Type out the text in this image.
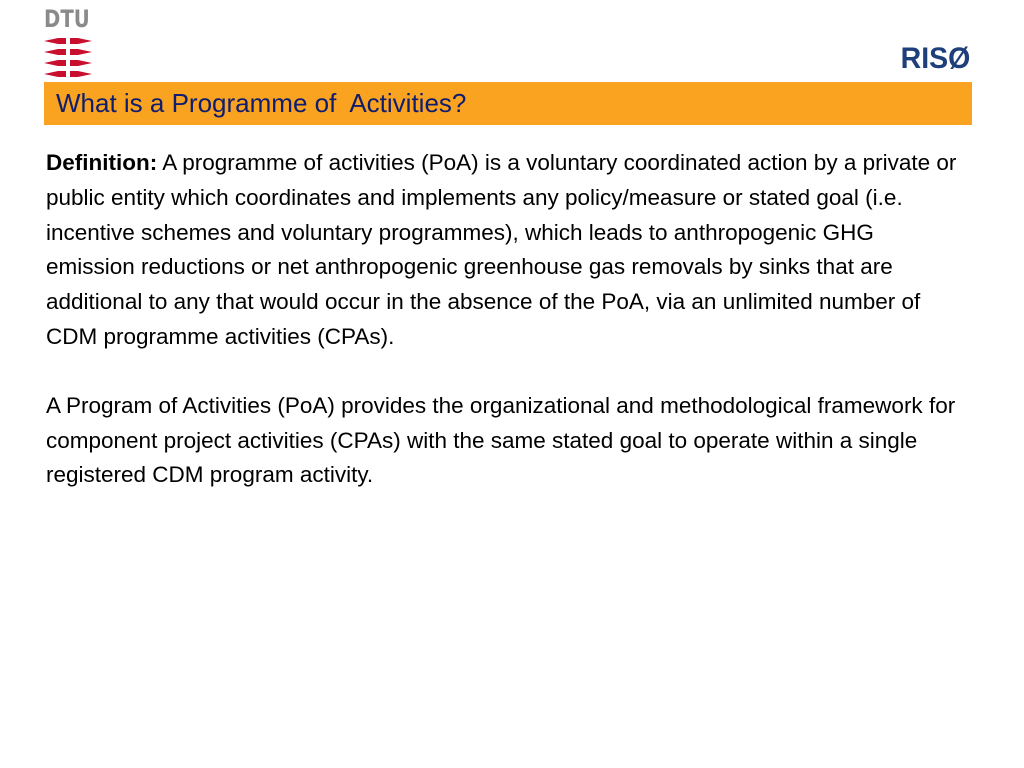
DTU
RISØ
What is a Programme of  Activities?

Definition: A programme of activities (PoA) is a voluntary coordinated action by a private or public entity which coordinates and implements any policy/measure or stated goal (i.e. incentive schemes and voluntary programmes), which leads to anthropogenic GHG emission reductions or net anthropogenic greenhouse gas removals by sinks that are additional to any that would occur in the absence of the PoA, via an unlimited number of CDM programme activities (CPAs).

A Program of Activities (PoA) provides the organizational and methodological framework for component project activities (CPAs) with the same stated goal to operate within a single registered CDM program activity.
